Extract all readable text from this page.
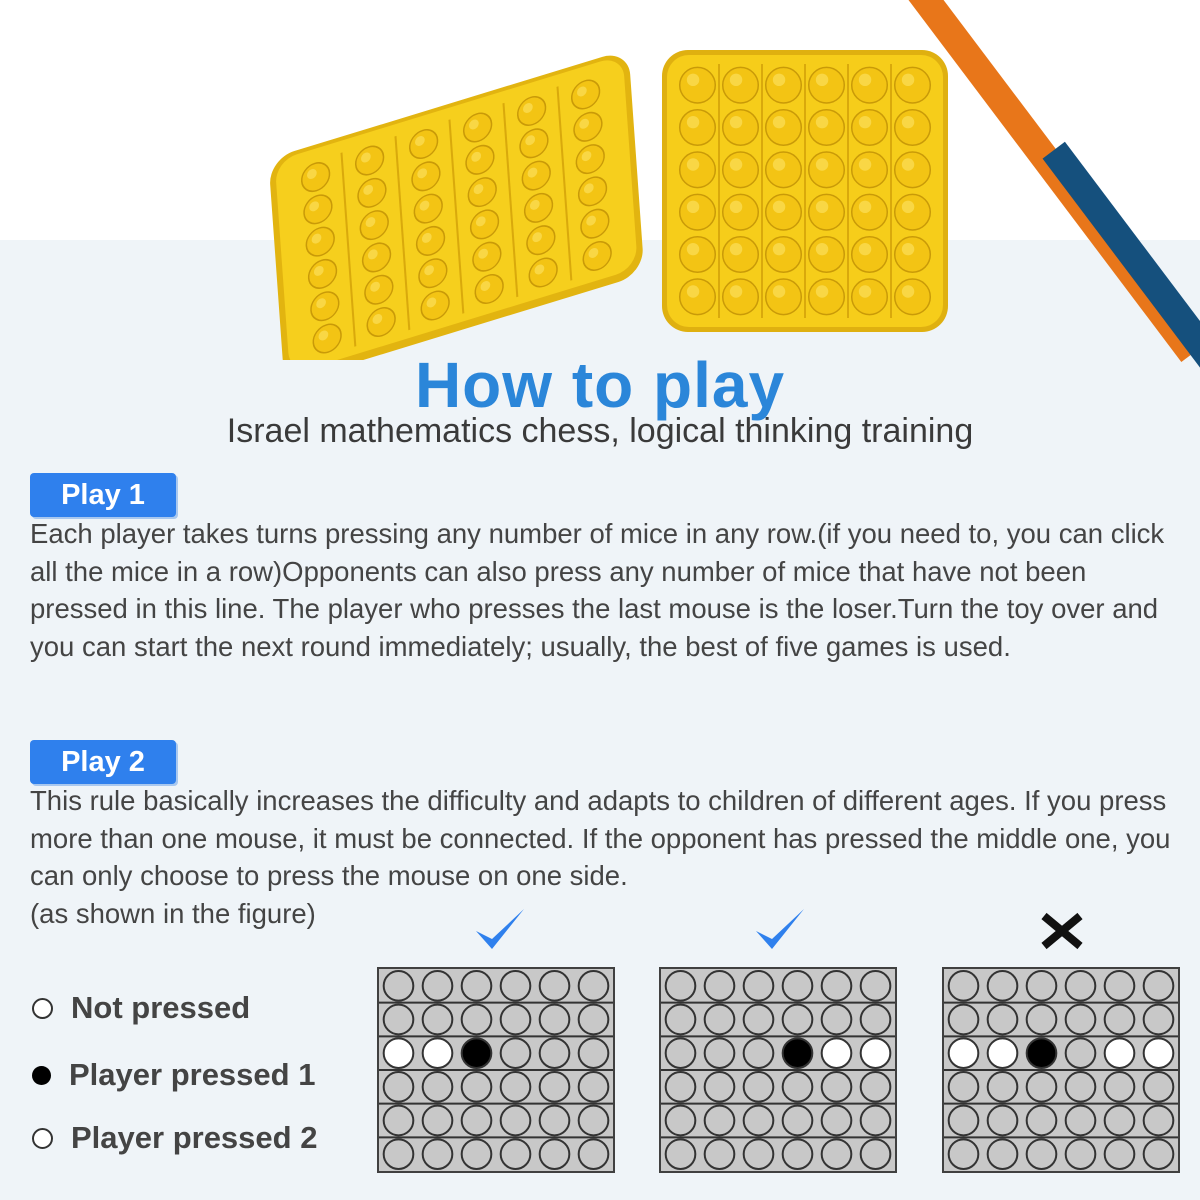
How to play

Israel mathematics chess, logical thinking training

Play 1

Each player takes turns pressing any number of mice in any row.(if you need to, you can click all the mice in a row)Opponents can also press any number of mice that have not been pressed in this line. The player who presses the last mouse is the loser.Turn the toy over and you can start the next round immediately; usually, the best of five games is used.

Play 2

This rule basically increases the difficulty and adapts to children of different ages. If you press more than one mouse, it must be connected. If the opponent has pressed the middle one, you can only choose to press the mouse on one side.

(as shown in the figure)

Not pressed
Player pressed 1
Player pressed 2
